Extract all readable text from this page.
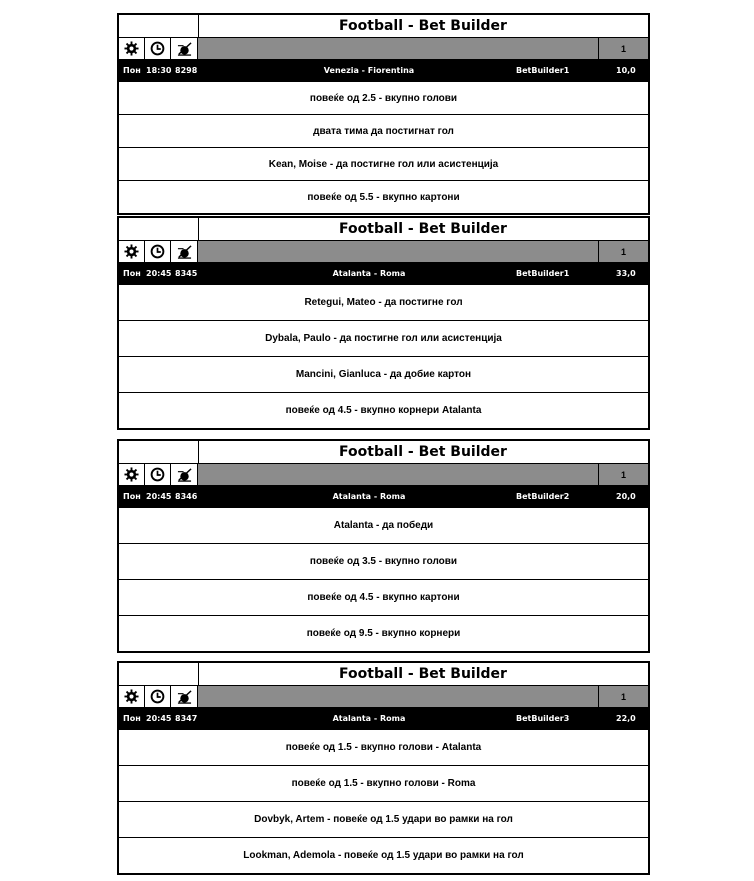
Football - Bet Builder
1
Пон 18:30 8298	Venezia - Fiorentina	BetBuilder1	10,0
повеќе од 2.5 - вкупно голови
двата тима да постигнат гол
Kean, Moise - да постигне гол или асистенција
повеќе од 5.5 - вкупно картони
Football - Bet Builder
1
Пон 20:45 8345	Atalanta - Roma	BetBuilder1	33,0
Retegui, Mateo - да постигне гол
Dybala, Paulo - да постигне гол или асистенција
Mancini, Gianluca - да добие картон
повеќе од 4.5 - вкупно корнери Atalanta
Football - Bet Builder
1
Пон 20:45 8346	Atalanta - Roma	BetBuilder2	20,0
Atalanta - да победи
повеќе од 3.5 - вкупно голови
повеќе од 4.5 - вкупно картони
повеќе од 9.5 - вкупно корнери
Football - Bet Builder
1
Пон 20:45 8347	Atalanta - Roma	BetBuilder3	22,0
повеќе од 1.5 - вкупно голови - Atalanta
повеќе од 1.5 - вкупно голови - Roma
Dovbyk, Artem - повеќе од 1.5 удари во рамки на гол
Lookman, Ademola - повеќе од 1.5 удари во рамки на гол
